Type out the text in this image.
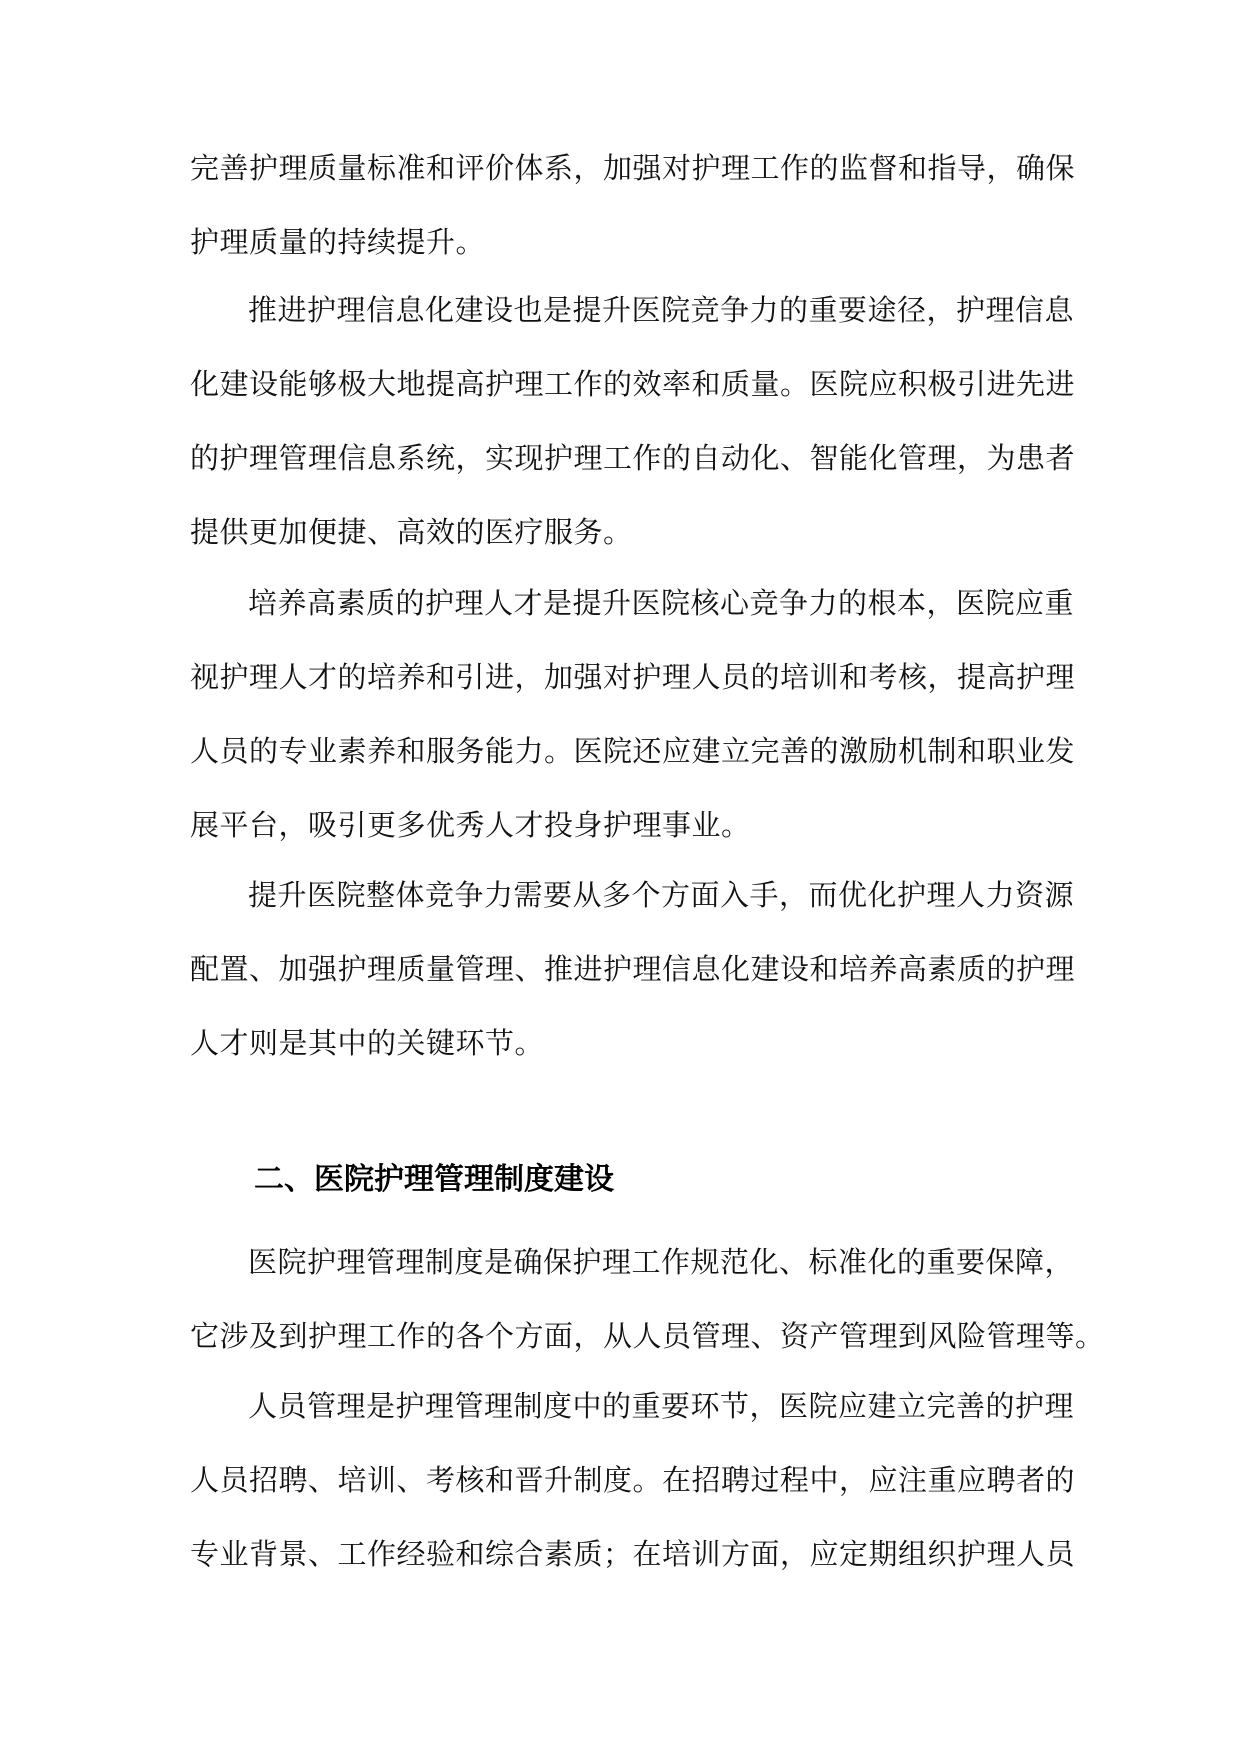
完善护理质量标准和评价体系，加强对护理工作的监督和指导，确保
护理质量的持续提升。

推进护理信息化建设也是提升医院竞争力的重要途径，护理信息
化建设能够极大地提高护理工作的效率和质量。医院应积极引进先进
的护理管理信息系统，实现护理工作的自动化、智能化管理，为患者
提供更加便捷、高效的医疗服务。

培养高素质的护理人才是提升医院核心竞争力的根本，医院应重
视护理人才的培养和引进，加强对护理人员的培训和考核，提高护理
人员的专业素养和服务能力。医院还应建立完善的激励机制和职业发
展平台，吸引更多优秀人才投身护理事业。

提升医院整体竞争力需要从多个方面入手，而优化护理人力资源
配置、加强护理质量管理、推进护理信息化建设和培养高素质的护理
人才则是其中的关键环节。

二、医院护理管理制度建设

医院护理管理制度是确保护理工作规范化、标准化的重要保障，
它涉及到护理工作的各个方面，从人员管理、资产管理到风险管理等。

人员管理是护理管理制度中的重要环节，医院应建立完善的护理
人员招聘、培训、考核和晋升制度。在招聘过程中，应注重应聘者的
专业背景、工作经验和综合素质；在培训方面，应定期组织护理人员
